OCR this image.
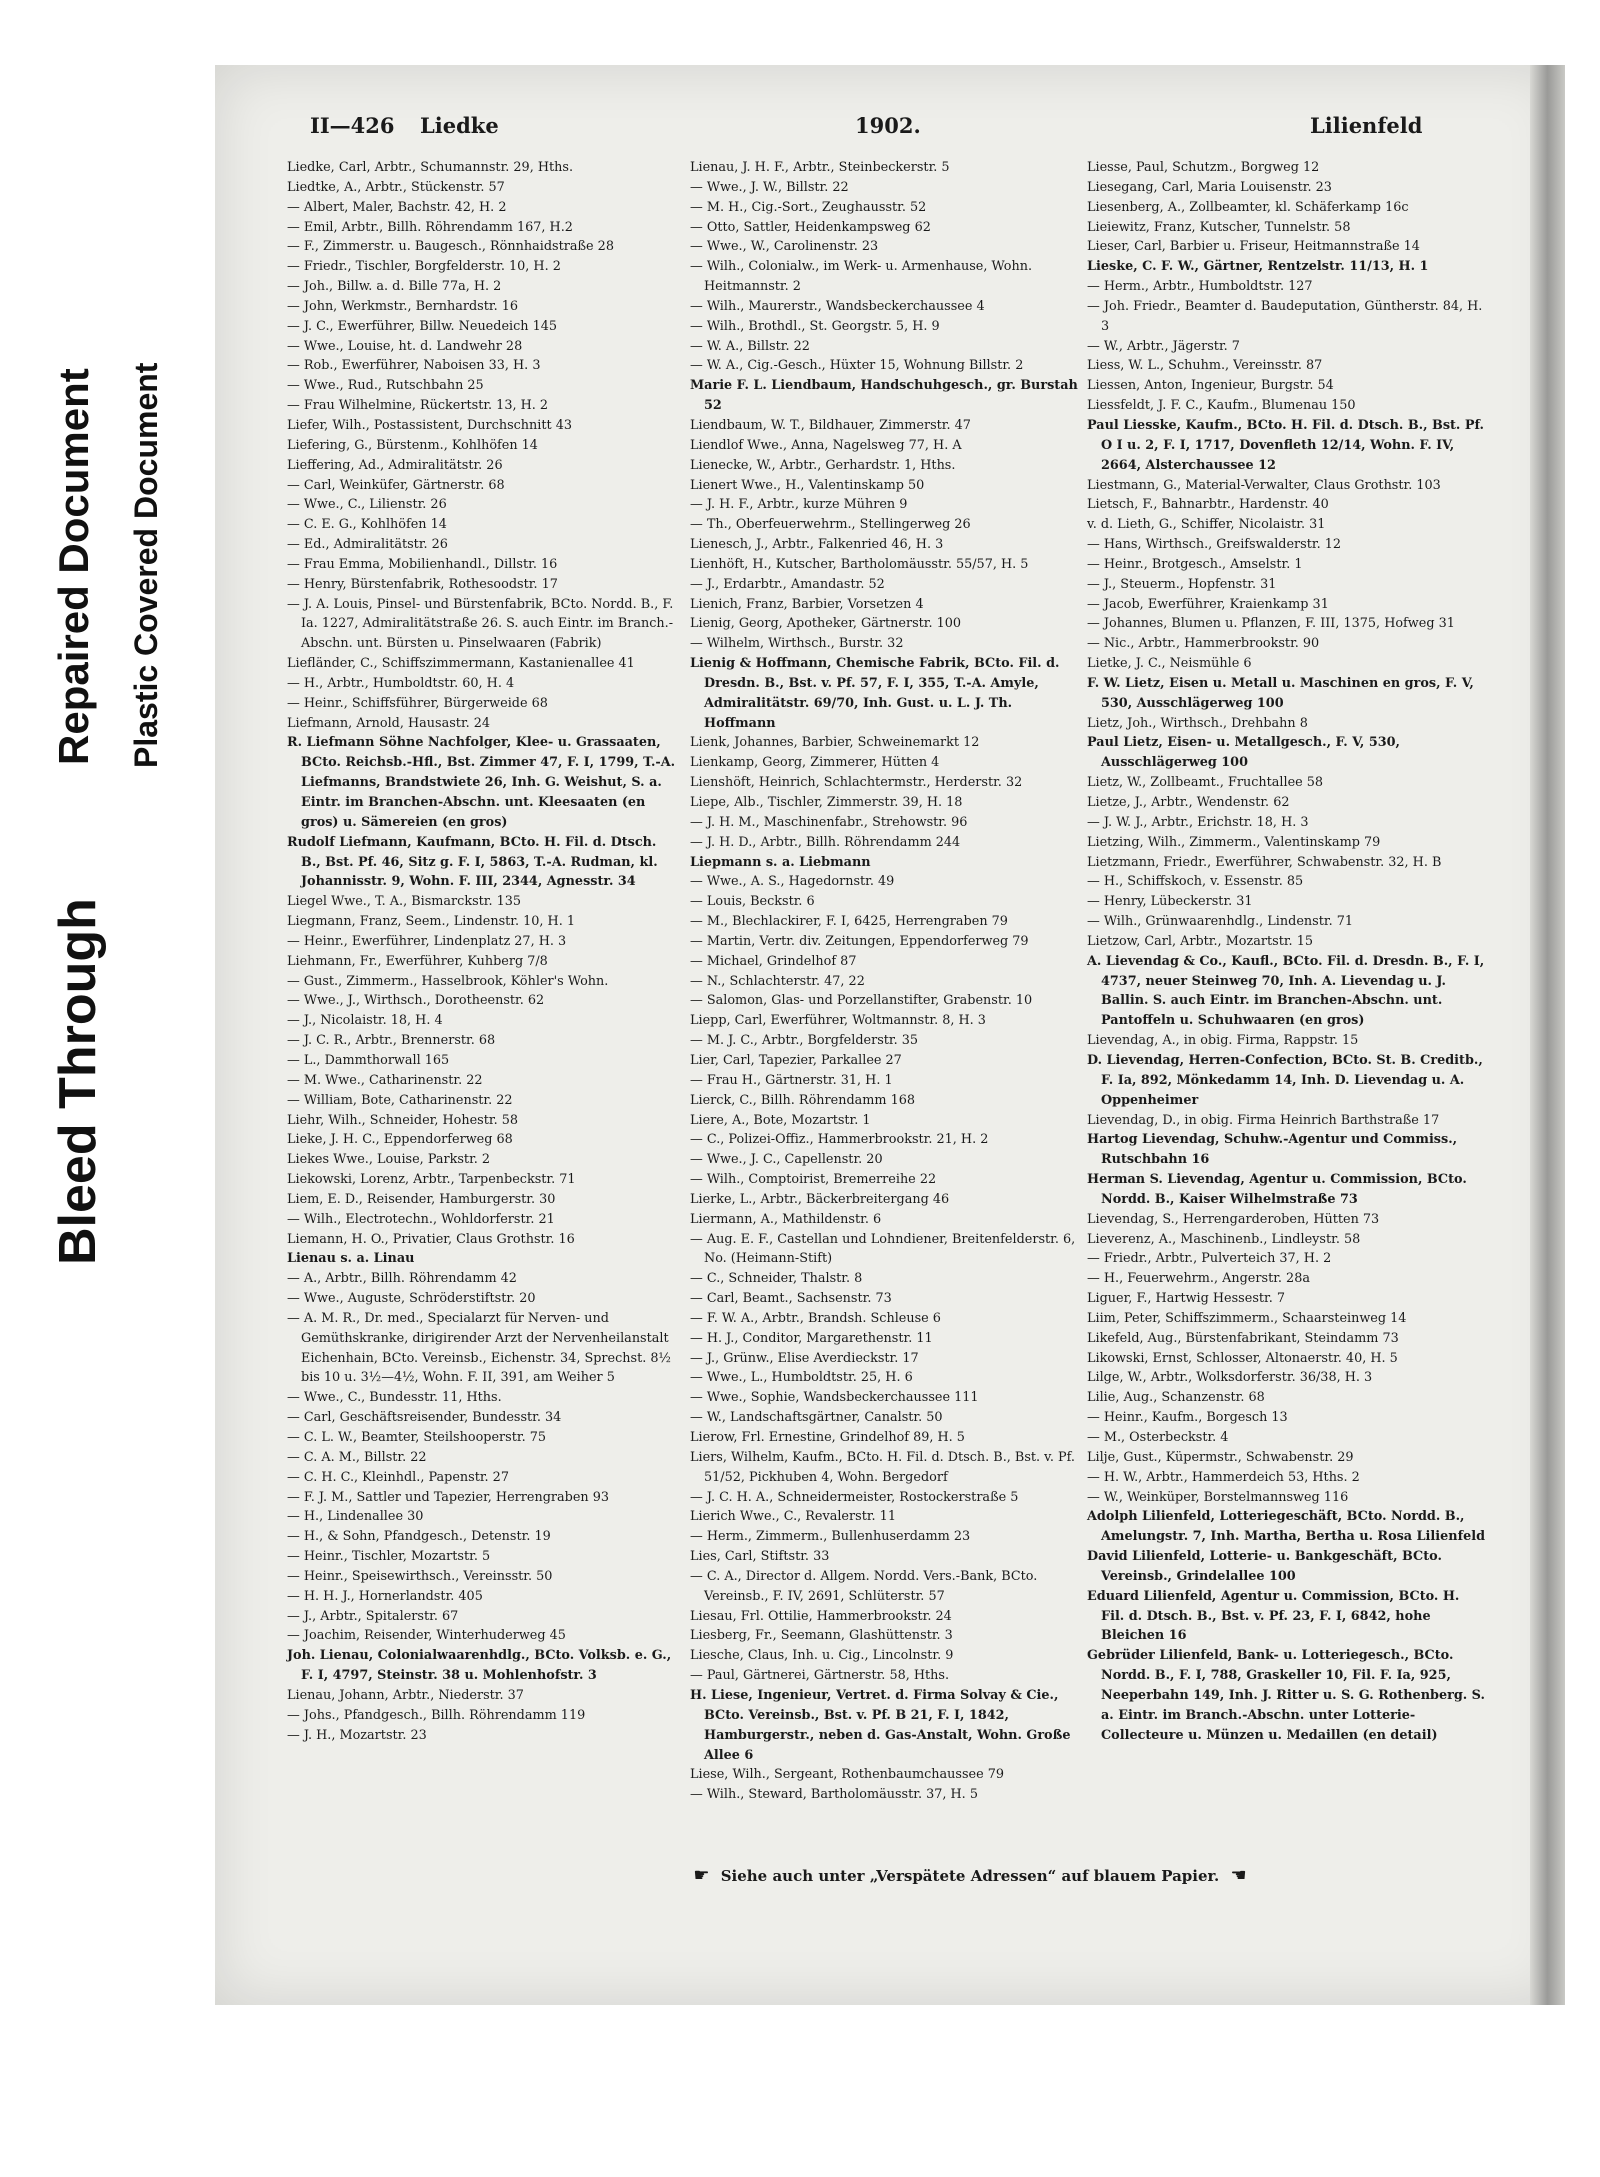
Bleed Through
Repaired Document Plastic Covered Document
II—426 Liedke	1902.	Lilienfeld
Liedke, Carl, Arbtr., Schumannstr. 29, Hths.
Liedtke, A., Arbtr., Stückenstr. 57
— Albert, Maler, Bachstr. 42, H. 2
— Emil, Arbtr., Billh. Röhrendamm 167, H.2
— F., Zimmerstr. u. Baugesch., Rönnhaidstraße 28
— Friedr., Tischler, Borgfelderstr. 10, H. 2
— Joh., Billw. a. d. Bille 77a, H. 2
— John, Werkmstr., Bernhardstr. 16
— J. C., Ewerführer, Billw. Neuedeich 145
— Wwe., Louise, ht. d. Landwehr 28
— Rob., Ewerführer, Naboisen 33, H. 3
— Wwe., Rud., Rutschbahn 25
— Frau Wilhelmine, Rückertstr. 13, H. 2
Liefer, Wilh., Postassistent, Durchschnitt 43
Liefering, G., Bürstenm., Kohlhöfen 14
Lieffering, Ad., Admiralitätstr. 26
— Carl, Weinküfer, Gärtnerstr. 68
— Wwe., C., Lilienstr. 26
— C. E. G., Kohlhöfen 14
— Ed., Admiralitätstr. 26
— Frau Emma, Mobilienhandl., Dillstr. 16
— Henry, Bürstenfabrik, Rothesoodstr. 17
— J. A. Louis, Pinsel- und Bürstenfabrik, BCto. Nordd. B., F. Ia. 1227, Admiralitätstraße 26. S. auch Eintr. im Branch.-Abschn. unt. Bürsten u. Pinselwaaren (Fabrik)
Liefländer, C., Schiffszimmermann, Kastanienallee 41
— H., Arbtr., Humboldtstr. 60, H. 4
— Heinr., Schiffsführer, Bürgerweide 68
Liefmann, Arnold, Hausastr. 24
R. Liefmann Söhne Nachfolger, Klee- u. Grassaaten, BCto. Reichsb.-Hfl., Bst. Zimmer 47, F. I, 1799, T.-A. Liefmanns, Brandstwiete 26, Inh. G. Weishut, S. a. Eintr. im Branchen-Abschn. unt. Kleesaaten (en gros) u. Sämereien (en gros)
Rudolf Liefmann, Kaufmann, BCto. H. Fil. d. Dtsch. B., Bst. Pf. 46, Sitz g. F. I, 5863, T.-A. Rudman, kl. Johannisstr. 9, Wohn. F. III, 2344, Agnesstr. 34
Liegel Wwe., T. A., Bismarckstr. 135
Liegmann, Franz, Seem., Lindenstr. 10, H. 1
— Heinr., Ewerführer, Lindenplatz 27, H. 3
Liehmann, Fr., Ewerführer, Kuhberg 7/8
— Gust., Zimmerm., Hasselbrook, Köhler's Wohn.
— Wwe., J., Wirthsch., Dorotheenstr. 62
— J., Nicolaistr. 18, H. 4
— J. C. R., Arbtr., Brennerstr. 68
— L., Dammthorwall 165
— M. Wwe., Catharinenstr. 22
— William, Bote, Catharinenstr. 22
Liehr, Wilh., Schneider, Hohestr. 58
Lieke, J. H. C., Eppendorferweg 68
Liekes Wwe., Louise, Parkstr. 2
Liekowski, Lorenz, Arbtr., Tarpenbeckstr. 71
Liem, E. D., Reisender, Hamburgerstr. 30
— Wilh., Electrotechn., Wohldorferstr. 21
Liemann, H. O., Privatier, Claus Grothstr. 16
Lienau s. a. Linau
— A., Arbtr., Billh. Röhrendamm 42
— Wwe., Auguste, Schröderstiftstr. 20
— A. M. R., Dr. med., Specialarzt für Nerven- und Gemüthskranke, dirigirender Arzt der Nervenheilanstalt Eichenhain, BCto. Vereinsb., Eichenstr. 34, Sprechst. 8½ bis 10 u. 3½—4½, Wohn. F. II, 391, am Weiher 5
— Wwe., C., Bundesstr. 11, Hths.
— Carl, Geschäftsreisender, Bundesstr. 34
— C. L. W., Beamter, Steilshooperstr. 75
— C. A. M., Billstr. 22
— C. H. C., Kleinhdl., Papenstr. 27
— F. J. M., Sattler und Tapezier, Herrengraben 93
— H., Lindenallee 30
— H., & Sohn, Pfandgesch., Detenstr. 19
— Heinr., Tischler, Mozartstr. 5
— Heinr., Speisewirthsch., Vereinsstr. 50
— H. H. J., Hornerlandstr. 405
— J., Arbtr., Spitalerstr. 67
— Joachim, Reisender, Winterhuderweg 45
Joh. Lienau, Colonialwaarenhdlg., BCto. Volksb. e. G., F. I, 4797, Steinstr. 38 u. Mohlenhofstr. 3
Lienau, Johann, Arbtr., Niederstr. 37
— Johs., Pfandgesch., Billh. Röhrendamm 119
— J. H., Mozartstr. 23
Lienau, J. H. F., Arbtr., Steinbeckerstr. 5
— Wwe., J. W., Billstr. 22
— M. H., Cig.-Sort., Zeughausstr. 52
— Otto, Sattler, Heidenkampsweg 62
— Wwe., W., Carolinenstr. 23
— Wilh., Colonialw., im Werk- u. Armenhause, Wohn. Heitmannstr. 2
— Wilh., Maurerstr., Wandsbeckerchaussee 4
— Wilh., Brothdl., St. Georgstr. 5, H. 9
— W. A., Billstr. 22
— W. A., Cig.-Gesch., Hüxter 15, Wohnung Billstr. 2
Marie F. L. Liendbaum, Handschuhgesch., gr. Burstah 52
Liendbaum, W. T., Bildhauer, Zimmerstr. 47
Liendlof Wwe., Anna, Nagelsweg 77, H. A
Lienecke, W., Arbtr., Gerhardstr. 1, Hths.
Lienert Wwe., H., Valentinskamp 50
— J. H. F., Arbtr., kurze Mühren 9
— Th., Oberfeuerwehrm., Stellingerweg 26
Lienesch, J., Arbtr., Falkenried 46, H. 3
Lienhöft, H., Kutscher, Bartholomäusstr. 55/57, H. 5
— J., Erdarbtr., Amandastr. 52
Lienich, Franz, Barbier, Vorsetzen 4
Lienig, Georg, Apotheker, Gärtnerstr. 100
— Wilhelm, Wirthsch., Burstr. 32
Lienig & Hoffmann, Chemische Fabrik, BCto. Fil. d. Dresdn. B., Bst. v. Pf. 57, F. I, 355, T.-A. Amyle, Admiralitätstr. 69/70, Inh. Gust. u. L. J. Th. Hoffmann
Lienk, Johannes, Barbier, Schweinemarkt 12
Lienkamp, Georg, Zimmerer, Hütten 4
Lienshöft, Heinrich, Schlachtermstr., Herderstr. 32
Liepe, Alb., Tischler, Zimmerstr. 39, H. 18
— J. H. M., Maschinenfabr., Strehowstr. 96
— J. H. D., Arbtr., Billh. Röhrendamm 244
Liepmann s. a. Liebmann
— Wwe., A. S., Hagedornstr. 49
— Louis, Beckstr. 6
— M., Blechlackirer, F. I, 6425, Herrengraben 79
— Martin, Vertr. div. Zeitungen, Eppendorferweg 79
— Michael, Grindelhof 87
— N., Schlachterstr. 47, 22
— Salomon, Glas- und Porzellanstifter, Grabenstr. 10
Liepp, Carl, Ewerführer, Woltmannstr. 8, H. 3
— M. J. C., Arbtr., Borgfelderstr. 35
Lier, Carl, Tapezier, Parkallee 27
— Frau H., Gärtnerstr. 31, H. 1
Lierck, C., Billh. Röhrendamm 168
Liere, A., Bote, Mozartstr. 1
— C., Polizei-Offiz., Hammerbrookstr. 21, H. 2
— Wwe., J. C., Capellenstr. 20
— Wilh., Comptoirist, Bremerreihe 22
Lierke, L., Arbtr., Bäckerbreitergang 46
Liermann, A., Mathildenstr. 6
— Aug. E. F., Castellan und Lohndiener, Breitenfelderstr. 6, No. (Heimann-Stift)
— C., Schneider, Thalstr. 8
— Carl, Beamt., Sachsenstr. 73
— F. W. A., Arbtr., Brandsh. Schleuse 6
— H. J., Conditor, Margarethenstr. 11
— J., Grünw., Elise Averdieckstr. 17
— Wwe., L., Humboldtstr. 25, H. 6
— Wwe., Sophie, Wandsbeckerchaussee 111
— W., Landschaftsgärtner, Canalstr. 50
Lierow, Frl. Ernestine, Grindelhof 89, H. 5
Liers, Wilhelm, Kaufm., BCto. H. Fil. d. Dtsch. B., Bst. v. Pf. 51/52, Pickhuben 4, Wohn. Bergedorf
— J. C. H. A., Schneidermeister, Rostockerstraße 5
Lierich Wwe., C., Revalerstr. 11
— Herm., Zimmerm., Bullenhuserdamm 23
Lies, Carl, Stiftstr. 33
— C. A., Director d. Allgem. Nordd. Vers.-Bank, BCto. Vereinsb., F. IV, 2691, Schlüterstr. 57
Liesau, Frl. Ottilie, Hammerbrookstr. 24
Liesberg, Fr., Seemann, Glashüttenstr. 3
Liesche, Claus, Inh. u. Cig., Lincolnstr. 9
— Paul, Gärtnerei, Gärtnerstr. 58, Hths.
H. Liese, Ingenieur, Vertret. d. Firma Solvay & Cie., BCto. Vereinsb., Bst. v. Pf. B 21, F. I, 1842, Hamburgerstr., neben d. Gas-Anstalt, Wohn. Große Allee 6
Liese, Wilh., Sergeant, Rothenbaumchaussee 79
— Wilh., Steward, Bartholomäusstr. 37, H. 5
Liesse, Paul, Schutzm., Borgweg 12
Liesegang, Carl, Maria Louisenstr. 23
Liesenberg, A., Zollbeamter, kl. Schäferkamp 16c
Lieiewitz, Franz, Kutscher, Tunnelstr. 58
Lieser, Carl, Barbier u. Friseur, Heitmannstraße 14
Lieske, C. F. W., Gärtner, Rentzelstr. 11/13, H. 1
— Herm., Arbtr., Humboldtstr. 127
— Joh. Friedr., Beamter d. Baudeputation, Güntherstr. 84, H. 3
— W., Arbtr., Jägerstr. 7
Liess, W. L., Schuhm., Vereinsstr. 87
Liessen, Anton, Ingenieur, Burgstr. 54
Liessfeldt, J. F. C., Kaufm., Blumenau 150
Paul Liesske, Kaufm., BCto. H. Fil. d. Dtsch. B., Bst. Pf. O I u. 2, F. I, 1717, Dovenfleth 12/14, Wohn. F. IV, 2664, Alsterchaussee 12
Liestmann, G., Material-Verwalter, Claus Grothstr. 103
Lietsch, F., Bahnarbtr., Hardenstr. 40
v. d. Lieth, G., Schiffer, Nicolaistr. 31
— Hans, Wirthsch., Greifswalderstr. 12
— Heinr., Brotgesch., Amselstr. 1
— J., Steuerm., Hopfenstr. 31
— Jacob, Ewerführer, Kraienkamp 31
— Johannes, Blumen u. Pflanzen, F. III, 1375, Hofweg 31
— Nic., Arbtr., Hammerbrookstr. 90
Lietke, J. C., Neismühle 6
F. W. Lietz, Eisen u. Metall u. Maschinen en gros, F. V, 530, Ausschlägerweg 100
Lietz, Joh., Wirthsch., Drehbahn 8
Paul Lietz, Eisen- u. Metallgesch., F. V, 530, Ausschlägerweg 100
Lietz, W., Zollbeamt., Fruchtallee 58
Lietze, J., Arbtr., Wendenstr. 62
— J. W. J., Arbtr., Erichstr. 18, H. 3
Lietzing, Wilh., Zimmerm., Valentinskamp 79
Lietzmann, Friedr., Ewerführer, Schwabenstr. 32, H. B
— H., Schiffskoch, v. Essenstr. 85
— Henry, Lübeckerstr. 31
— Wilh., Grünwaarenhdlg., Lindenstr. 71
Lietzow, Carl, Arbtr., Mozartstr. 15
A. Lievendag & Co., Kaufl., BCto. Fil. d. Dresdn. B., F. I, 4737, neuer Steinweg 70, Inh. A. Lievendag u. J. Ballin. S. auch Eintr. im Branchen-Abschn. unt. Pantoffeln u. Schuhwaaren (en gros)
Lievendag, A., in obig. Firma, Rappstr. 15
D. Lievendag, Herren-Confection, BCto. St. B. Creditb., F. Ia, 892, Mönkedamm 14, Inh. D. Lievendag u. A. Oppenheimer
Lievendag, D., in obig. Firma Heinrich Barthstraße 17
Hartog Lievendag, Schuhw.-Agentur und Commiss., Rutschbahn 16
Herman S. Lievendag, Agentur u. Commission, BCto. Nordd. B., Kaiser Wilhelmstraße 73
Lievendag, S., Herrengarderoben, Hütten 73
Lieverenz, A., Maschinenb., Lindleystr. 58
— Friedr., Arbtr., Pulverteich 37, H. 2
— H., Feuerwehrm., Angerstr. 28a
Liguer, F., Hartwig Hessestr. 7
Liim, Peter, Schiffszimmerm., Schaarsteinweg 14
Likefeld, Aug., Bürstenfabrikant, Steindamm 73
Likowski, Ernst, Schlosser, Altonaerstr. 40, H. 5
Lilge, W., Arbtr., Wolksdorferstr. 36/38, H. 3
Lilie, Aug., Schanzenstr. 68
— Heinr., Kaufm., Borgesch 13
— M., Osterbeckstr. 4
Lilje, Gust., Küpermstr., Schwabenstr. 29
— H. W., Arbtr., Hammerdeich 53, Hths. 2
— W., Weinküper, Borstelmannsweg 116
Adolph Lilienfeld, Lotteriegeschäft, BCto. Nordd. B., Amelungstr. 7, Inh. Martha, Bertha u. Rosa Lilienfeld
David Lilienfeld, Lotterie- u. Bankgeschäft, BCto. Vereinsb., Grindelallee 100
Eduard Lilienfeld, Agentur u. Commission, BCto. H. Fil. d. Dtsch. B., Bst. v. Pf. 23, F. I, 6842, hohe Bleichen 16
Gebrüder Lilienfeld, Bank- u. Lotteriegesch., BCto. Nordd. B., F. I, 788, Graskeller 10, Fil. F. Ia, 925, Neeperbahn 149, Inh. J. Ritter u. S. G. Rothenberg. S. a. Eintr. im Branch.-Abschn. unter Lotterie-Collecteure u. Münzen u. Medaillen (en detail)
☛ Siehe auch unter „Verspätete Adressen“ auf blauem Papier. ☚
